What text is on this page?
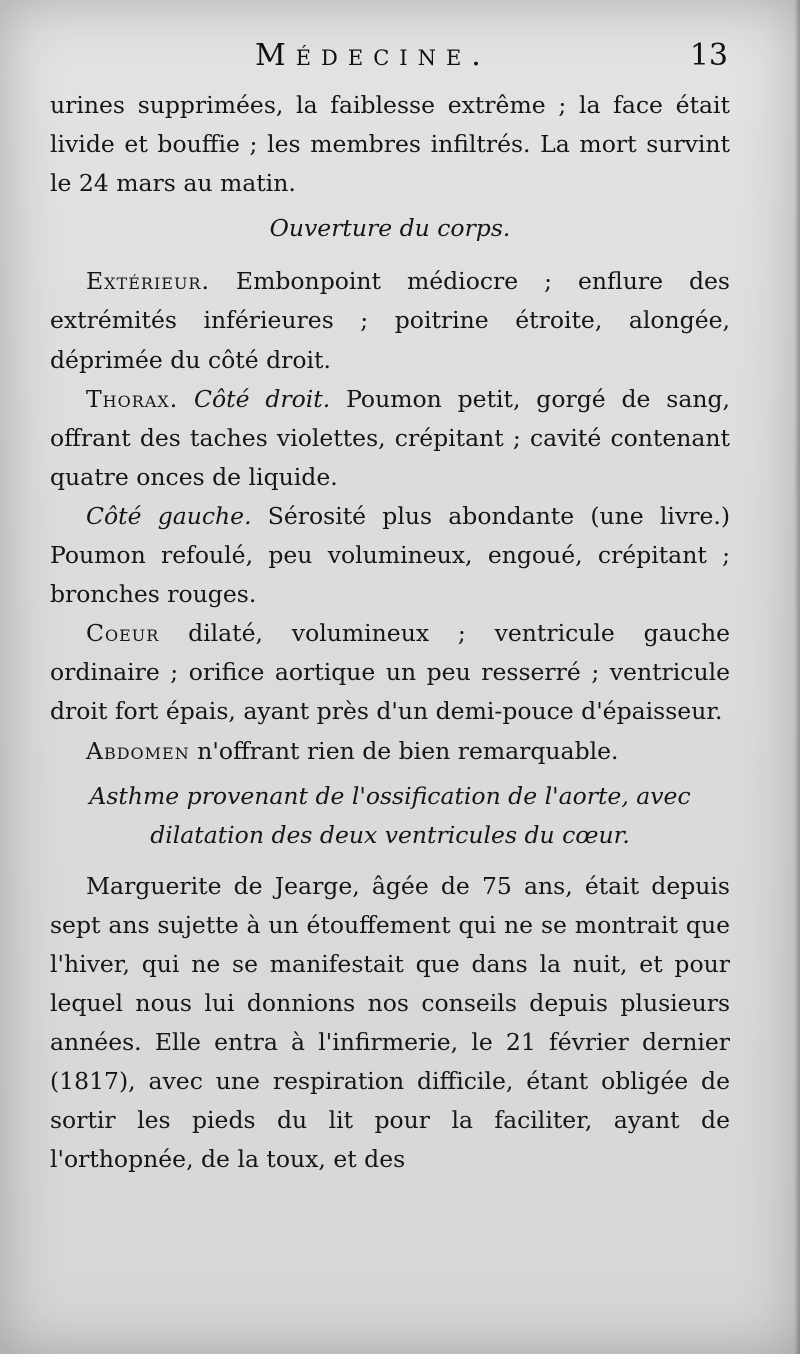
Médecine.	13

urines supprimées, la faiblesse extrême ; la face était livide et bouffie ; les membres infiltrés. La mort survint le 24 mars au matin.

Ouverture du corps.

Extérieur. Embonpoint médiocre ; enflure des extrémités inférieures ; poitrine étroite, alongée, déprimée du côté droit.

Thorax. Côté droit. Poumon petit, gorgé de sang, offrant des taches violettes, crépitant ; cavité contenant quatre onces de liquide.

Côté gauche. Sérosité plus abondante (une livre.) Poumon refoulé, peu volumineux, engoué, crépitant ; bronches rouges.

Coeur dilaté, volumineux ; ventricule gauche ordinaire ; orifice aortique un peu resserré ; ventricule droit fort épais, ayant près d'un demi-pouce d'épaisseur.

Abdomen n'offrant rien de bien remarquable.

Asthme provenant de l'ossification de l'aorte, avec
dilatation des deux ventricules du cœur.

Marguerite de Jearge, âgée de 75 ans, était depuis sept ans sujette à un étouffement qui ne se montrait que l'hiver, qui ne se manifestait que dans la nuit, et pour lequel nous lui donnions nos conseils depuis plusieurs années. Elle entra à l'infirmerie, le 21 février dernier (1817), avec une respiration difficile, étant obligée de sortir les pieds du lit pour la faciliter, ayant de l'orthopnée, de la toux, et des
